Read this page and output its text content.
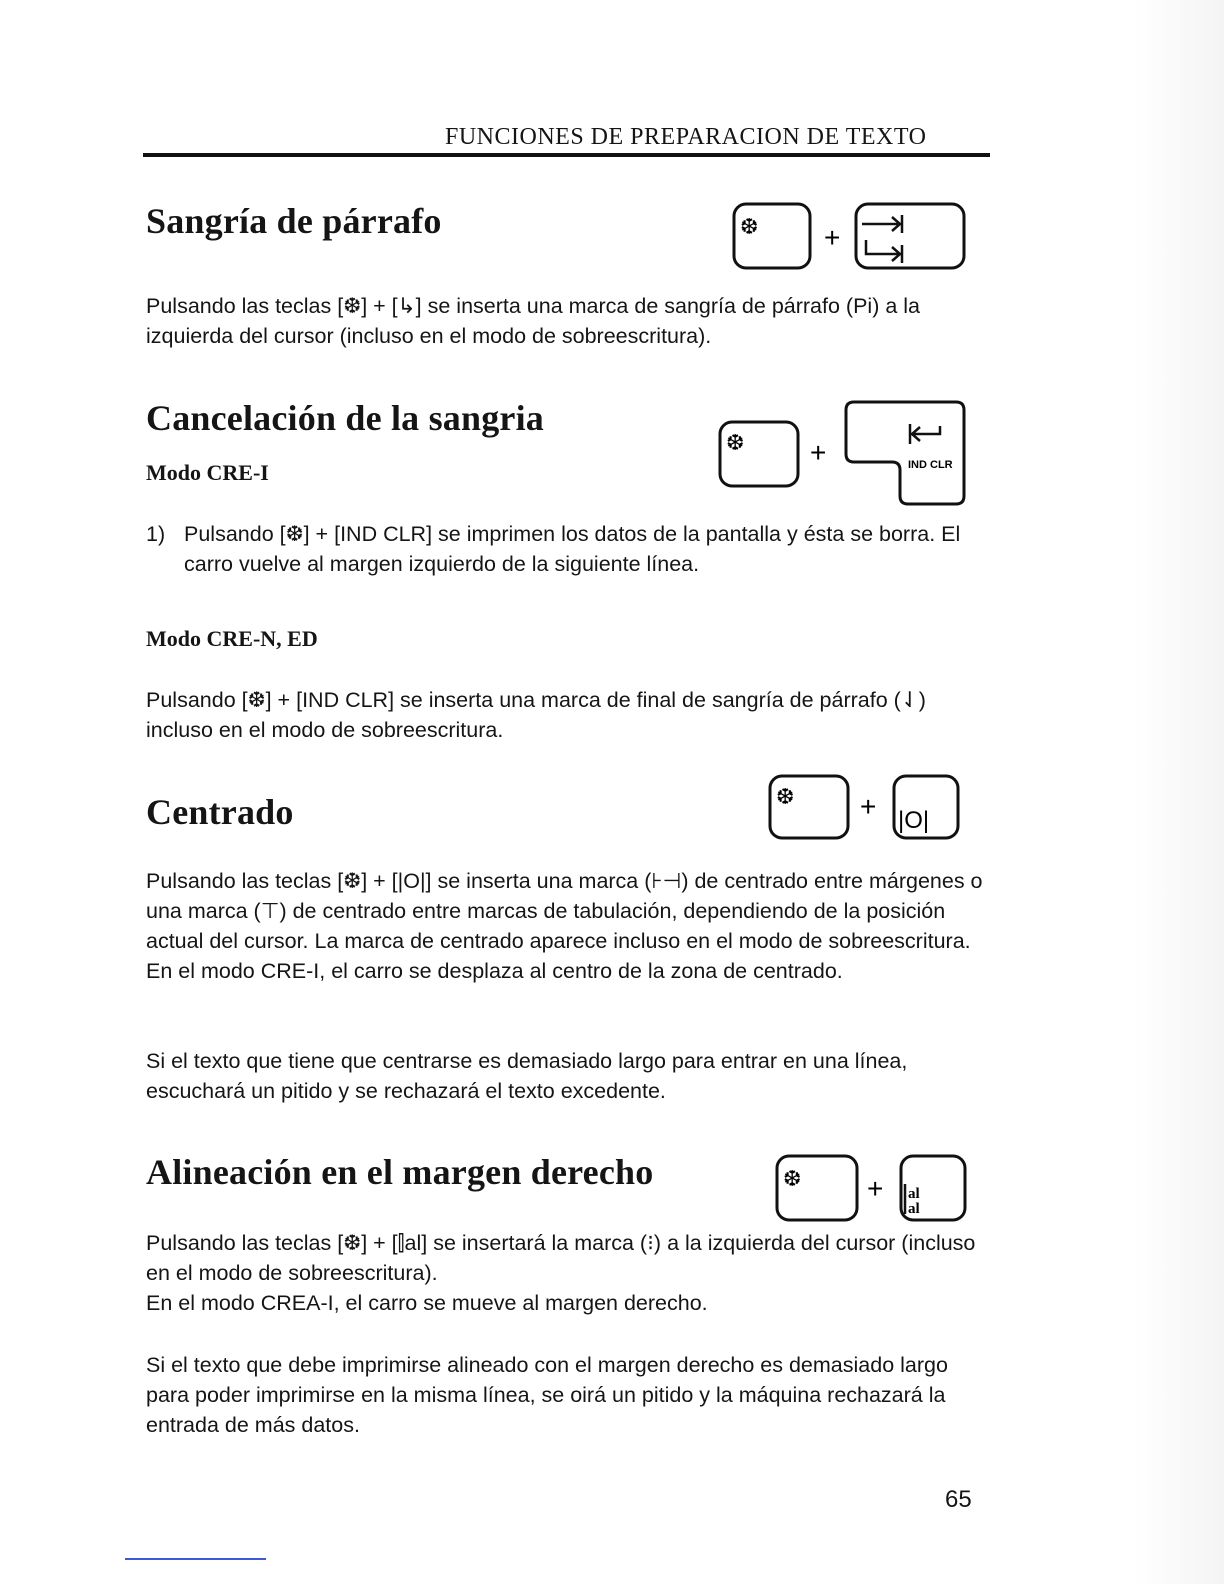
FUNCIONES DE PREPARACION DE TEXTO
Sangría de párrafo	❆ +

Pulsando las teclas [❆] + [↳] se inserta una marca de sangría de párrafo (Pi) a la izquierda del cursor (incluso en el modo de sobreescritura).

Cancelación de la sangria
Modo CRE-I
❆ +	IND CLR
1) Pulsando [❆] + [IND CLR] se imprimen los datos de la pantalla y ésta se borra. El carro vuelve al margen izquierdo de la siguiente línea.
Modo CRE-N, ED

Pulsando [❆] + [IND CLR] se inserta una marca de final de sangría de párrafo (⇃) incluso en el modo de sobreescritura.

Centrado	❆ + |O|

Pulsando las teclas [❆] + [|O|] se inserta una marca (⊦⊣) de centrado entre márgenes o una marca (⊤) de centrado entre marcas de tabulación, dependiendo de la posición actual del cursor. La marca de centrado aparece incluso en el modo de sobreescritura. En el modo CRE-I, el carro se desplaza al centro de la zona de centrado.

Si el texto que tiene que centrarse es demasiado largo para entrar en una línea, escuchará un pitido y se rechazará el texto excedente.

Alineación en el margen derecho	❆ + al
al

Pulsando las teclas [❆] + [⫿al] se insertará la marca (⁝) a la izquierda del cursor (incluso en el modo de sobreescritura).

En el modo CREA-I, el carro se mueve al margen derecho.

Si el texto que debe imprimirse alineado con el margen derecho es demasiado largo para poder imprimirse en la misma línea, se oirá un pitido y la máquina rechazará la entrada de más datos.

65
